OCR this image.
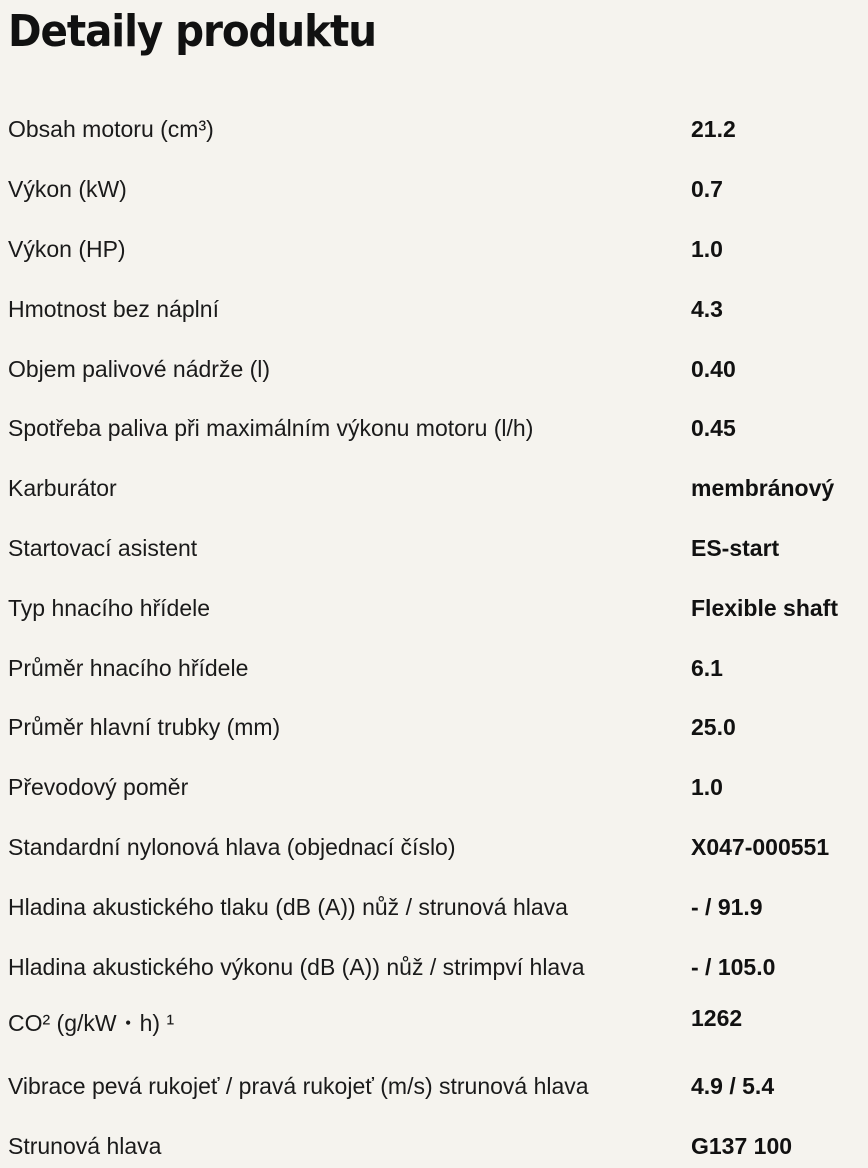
Detaily produktu
Obsah motoru (cm³)	21.2
Výkon (kW)	0.7
Výkon (HP)	1.0
Hmotnost bez náplní	4.3
Objem palivové nádrže (l)	0.40
Spotřeba paliva při maximálním výkonu motoru (l/h)	0.45
Karburátor	membránový
Startovací asistent	ES-start
Typ hnacího hřídele	Flexible shaft
Průměr hnacího hřídele	6.1
Průměr hlavní trubky (mm)	25.0
Převodový poměr	1.0
Standardní nylonová hlava (objednací číslo)	X047-000551
Hladina akustického tlaku (dB (A)) nůž / strunová hlava	- / 91.9
Hladina akustického výkonu (dB (A)) nůž / strimpví hlava	- / 105.0
CO² (g/kW・h) ¹	1262
Vibrace pevá rukojeť / pravá rukojeť (m/s) strunová hlava	4.9 / 5.4
Strunová hlava	G137 100
